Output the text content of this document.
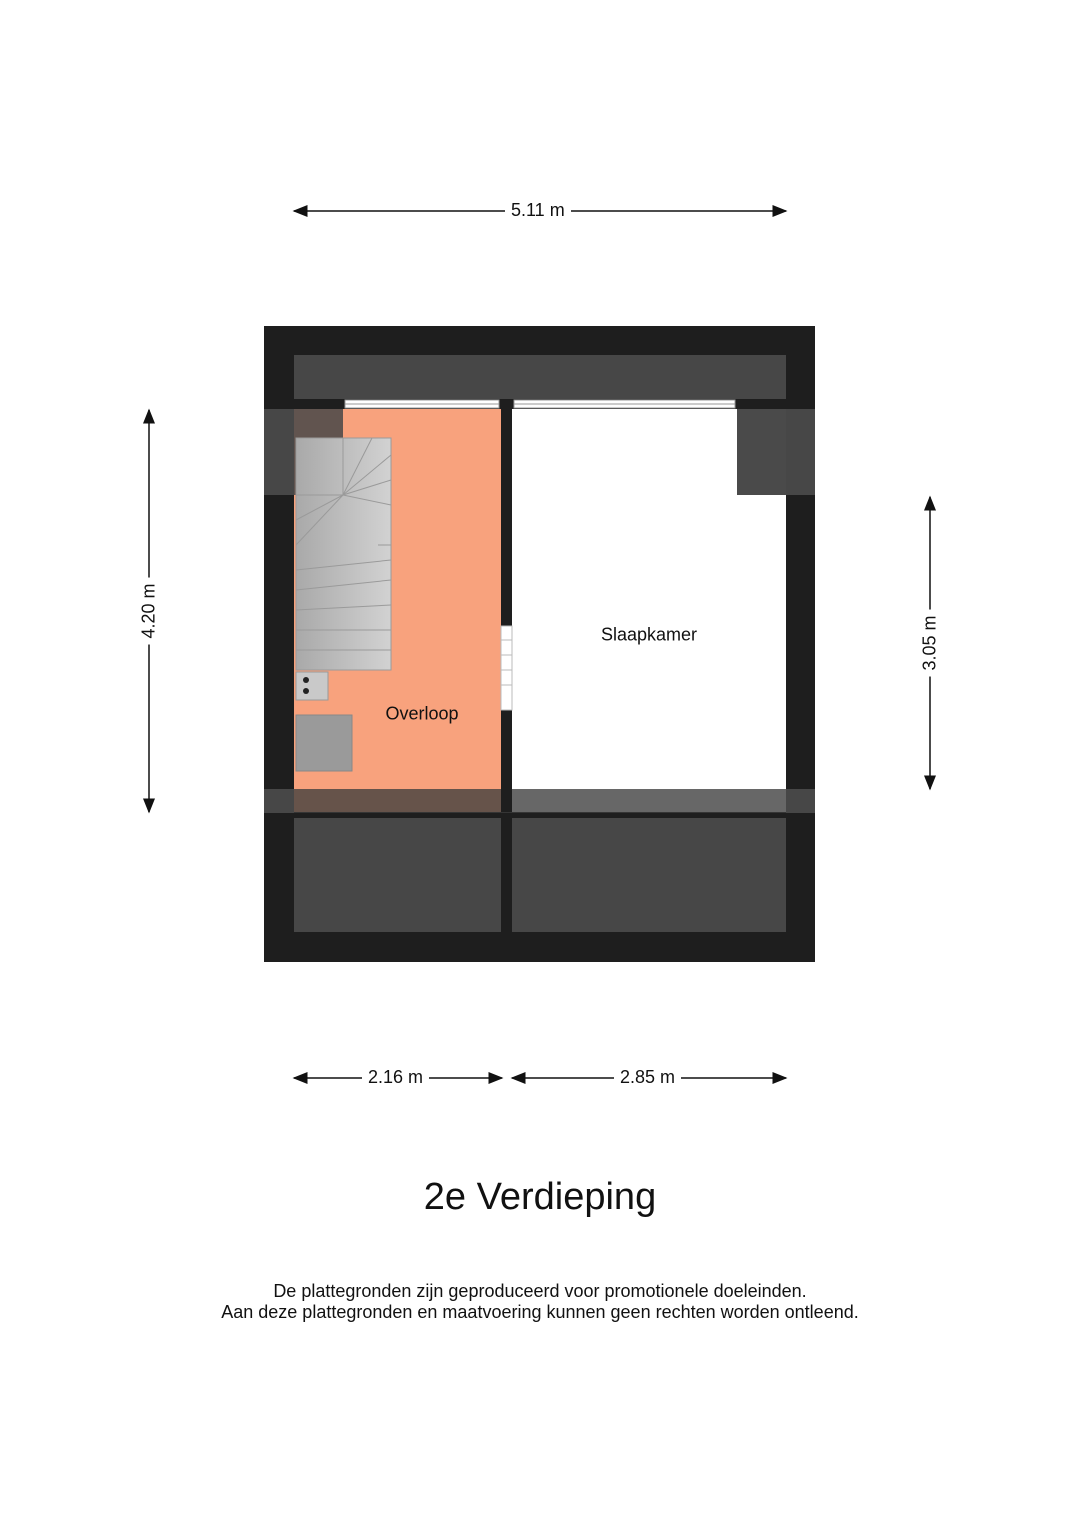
5.11 m
4.20 m
3.05 m
2.16 m	2.85 m
Overloop
Slaapkamer
2e Verdieping
De plattegronden zijn geproduceerd voor promotionele doeleinden.
Aan deze plattegronden en maatvoering kunnen geen rechten worden ontleend.
